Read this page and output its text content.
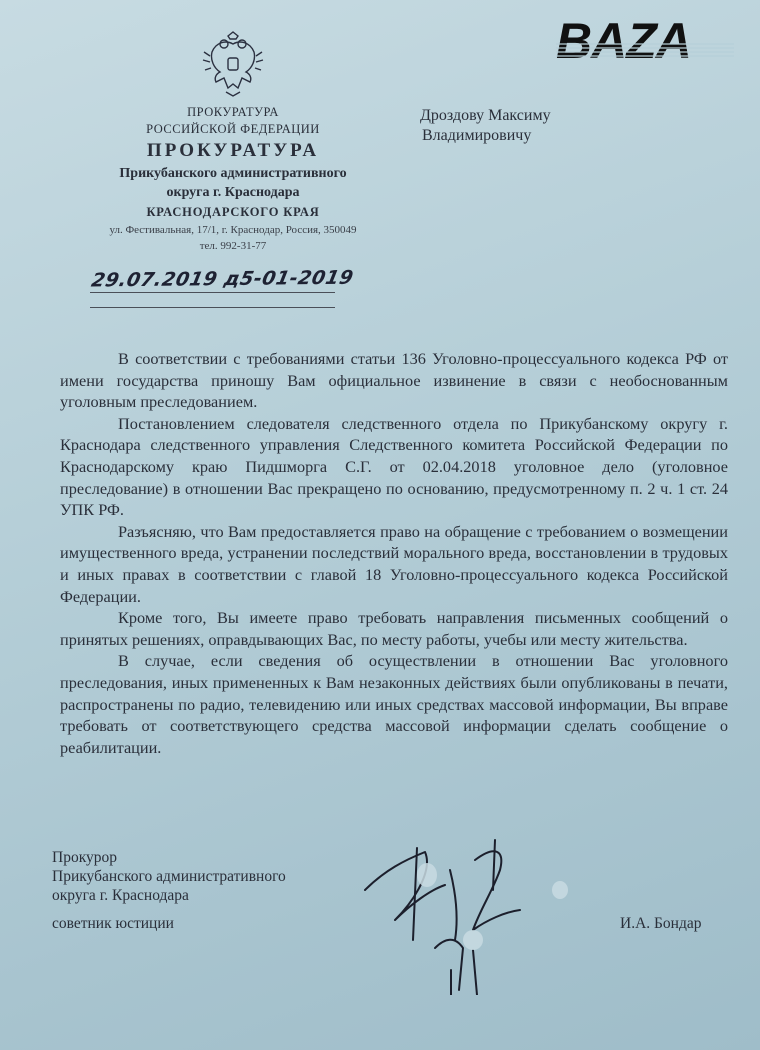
ПРОКУРАТУРА
РОССИЙСКОЙ ФЕДЕРАЦИИ
ПРОКУРАТУРА
Прикубанского административного
округа г. Краснодара
КРАСНОДАРСКОГО КРАЯ
ул. Фестивальная, 17/1, г. Краснодар, Россия, 350049
тел. 992-31-77
29.07.2019 д5-01-2019
BAZA
Дроздову Максиму
Владимировичу

В соответствии с требованиями статьи 136 Уголовно-процессуального кодекса РФ от имени государства приношу Вам официальное извинение в связи с необоснованным уголовным преследованием.

Постановлением следователя следственного отдела по Прикубанскому округу г. Краснодара следственного управления Следственного комитета Российской Федерации по Краснодарскому краю Пидшморга С.Г. от 02.04.2018 уголовное дело (уголовное преследование) в отношении Вас прекращено по основанию, предусмотренному п. 2 ч. 1 ст. 24 УПК РФ.

Разъясняю, что Вам предоставляется право на обращение с требованием о возмещении имущественного вреда, устранении последствий морального вреда, восстановлении в трудовых и иных правах в соответствии с главой 18 Уголовно-процессуального кодекса Российской Федерации.

Кроме того, Вы имеете право требовать направления письменных сообщений о принятых решениях, оправдывающих Вас, по месту работы, учебы или месту жительства.

В случае, если сведения об осуществлении в отношении Вас уголовного преследования, иных примененных к Вам незаконных действиях были опубликованы в печати, распространены по радио, телевидению или иных средствах массовой информации, Вы вправе требовать от соответствующего средства массовой информации сделать сообщение о реабилитации.

Прокурор
Прикубанского административного
округа г. Краснодара
советник юстиции	И.А. Бондар
